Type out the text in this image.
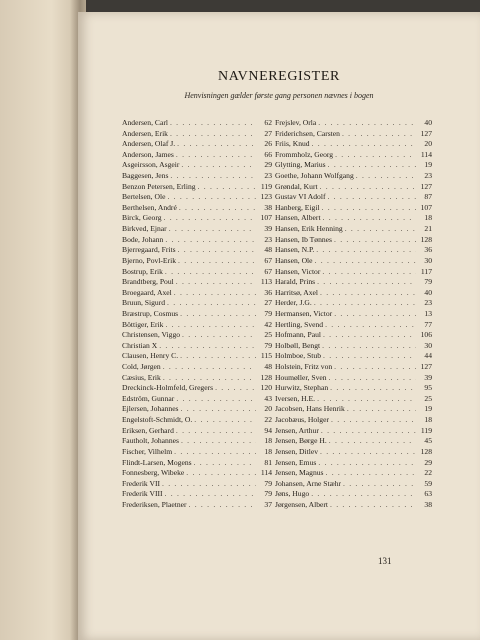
NAVNEREGISTER
Henvisningen gælder første gang personen nævnes i bogen
Andersen, Carl . . .	62
Andersen, Erik . . .	27
Andersen, Olaf J. . . .	26
Anderson, James . . .	66
Asgeirsson, Asgeir . . .	29
Baggesen, Jens . . .	23
Benzon Petersen, Erling . . .	119
Bertelsen, Ole . . .	123
Berthelsen, André . . .	38
Birck, Georg . . .	107
Birkved, Ejnar . . .	39
Bode, Johann . . .	23
Bjerregaard, Frits . . .	48
Bjerno, Povl-Erik . . .	67
Bostrup, Erik . . .	67
Brandtberg, Poul . . .	113
Broegaard, Axel . . .	36
Bruun, Sigurd . . .	27
Bræstrup, Cosmus . . .	79
Böttiger, Erik . . .	42
Christensen, Viggo . . .	25
Christian X . . .	79
Clausen, Henry C. . . .	115
Cold, Jørgen . . .	48
Cæsius, Erik . . .	128
Dreckinck-Holmfeld, Gregers . . .	120
Edström, Gunnar . . .	43
Ejlersen, Johannes . . .	20
Engelstoft-Schmidt, O. . . .	22
Eriksen, Gerhard . . .	94
Fautholt, Johannes . . .	18
Fischer, Vilhelm . . .	18
Flindt-Larsen, Mogens . . .	81
Fonnesberg, Wibeke . . .	114
Frederik VII . . .	79
Frederik VIII . . .	79
Frederiksen, Plaetner . . .	37
Frejslev, Orla . . .	40
Friderichsen, Carsten . . .	127
Friis, Knud . . .	20
Frommholz, Georg . . .	114
Glytting, Marius . . .	19
Goethe, Johann Wolfgang . . .	23
Grøndal, Kurt . . .	127
Gustav VI Adolf . . .	87
Hanberg, Eigil . . .	107
Hansen, Albert . . .	18
Hansen, Erik Henning . . .	21
Hansen, Ib Tønnes . . .	128
Hansen, N.P. . . .	36
Hansen, Ole . . .	30
Hansen, Victor . . .	117
Harald, Prins . . .	79
Harritsø, Axel . . .	40
Herder, J.G. . . .	23
Hermansen, Victor . . .	13
Hertling, Svend . . .	77
Hofmann, Paul . . .	106
Holbøll, Bengt . . .	30
Holmboe, Stub . . .	44
Holstein, Fritz von . . .	127
Houmøller, Sven . . .	39
Hurwitz, Stephan . . .	95
Iversen, H.E. . . .	25
Jacobsen, Hans Henrik . . .	19
Jacobæus, Holger . . .	18
Jensen, Arthur . . .	119
Jensen, Børge H. . . .	45
Jensen, Ditlev . . .	128
Jensen, Emus . . .	29
Jensen, Magnus . . .	22
Johansen, Arne Stæhr . . .	59
Jøns, Hugo . . .	63
Jørgensen, Albert . . .	38
131
